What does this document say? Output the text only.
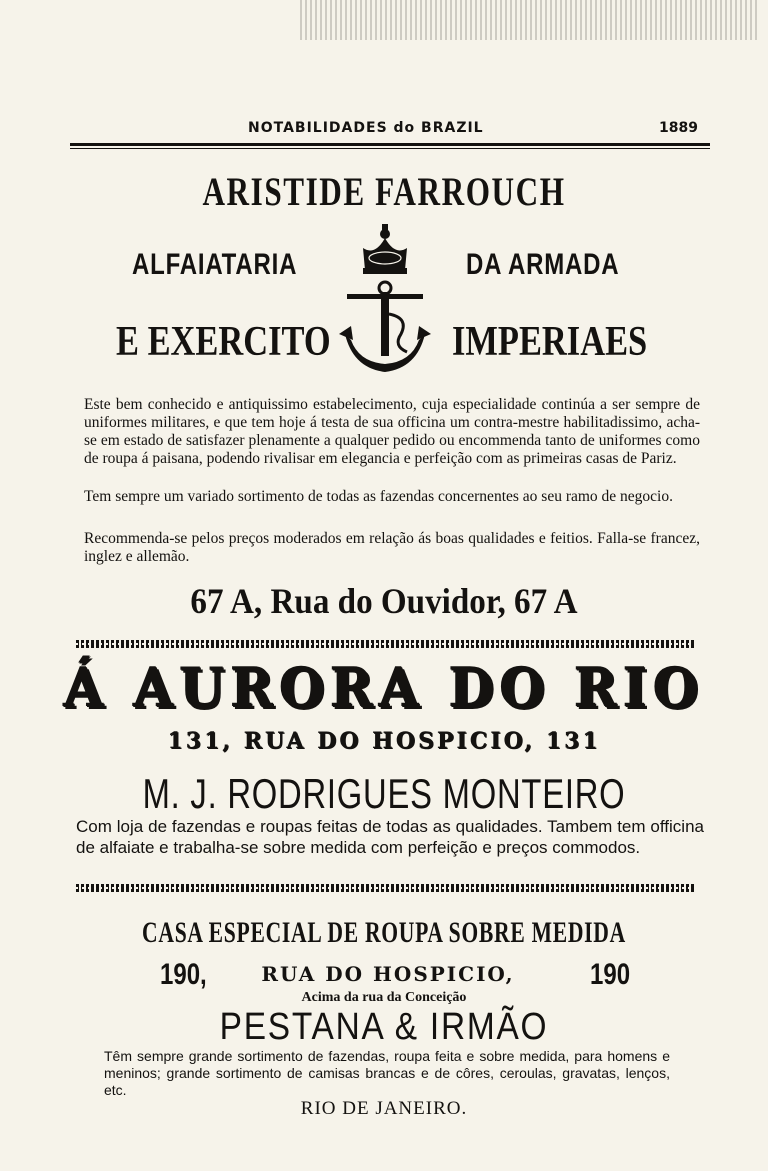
NOTABILIDADES do BRAZIL	1889
ARISTIDE FARROUCH
ALFAIATARIA	DA ARMADA
E EXERCITO	IMPERIAES
Este bem conhecido e antiquissimo estabelecimento, cuja especialidade continúa a ser sempre de uniformes militares, e que tem hoje á testa de sua officina um contra-mestre habilitadissimo, acha-se em estado de satisfazer plenamente a qualquer pedido ou encommenda tanto de uniformes como de roupa á paisana, podendo rivalisar em elegancia e perfeição com as primeiras casas de Pariz.
Tem sempre um variado sortimento de todas as fazendas concernentes ao seu ramo de negocio.
Recommenda-se pelos preços moderados em relação ás boas qualidades e feitios. Falla-se francez, inglez e allemão.
67 A, Rua do Ouvidor, 67 A
Á AURORA DO RIO
131, RUA DO HOSPICIO, 131
M. J. RODRIGUES MONTEIRO
Com loja de fazendas e roupas feitas de todas as qualidades. Tambem tem officina de alfaiate e trabalha-se sobre medida com perfeição e preços commodos.
CASA ESPECIAL DE ROUPA SOBRE MEDIDA
190,	RUA DO HOSPICIO,	190
Acima da rua da Conceição
PESTANA & IRMÃO
Têm sempre grande sortimento de fazendas, roupa feita e sobre medida, para homens e meninos; grande sortimento de camisas brancas e de côres, ceroulas, gravatas, lenços, etc.
RIO DE JANEIRO.
